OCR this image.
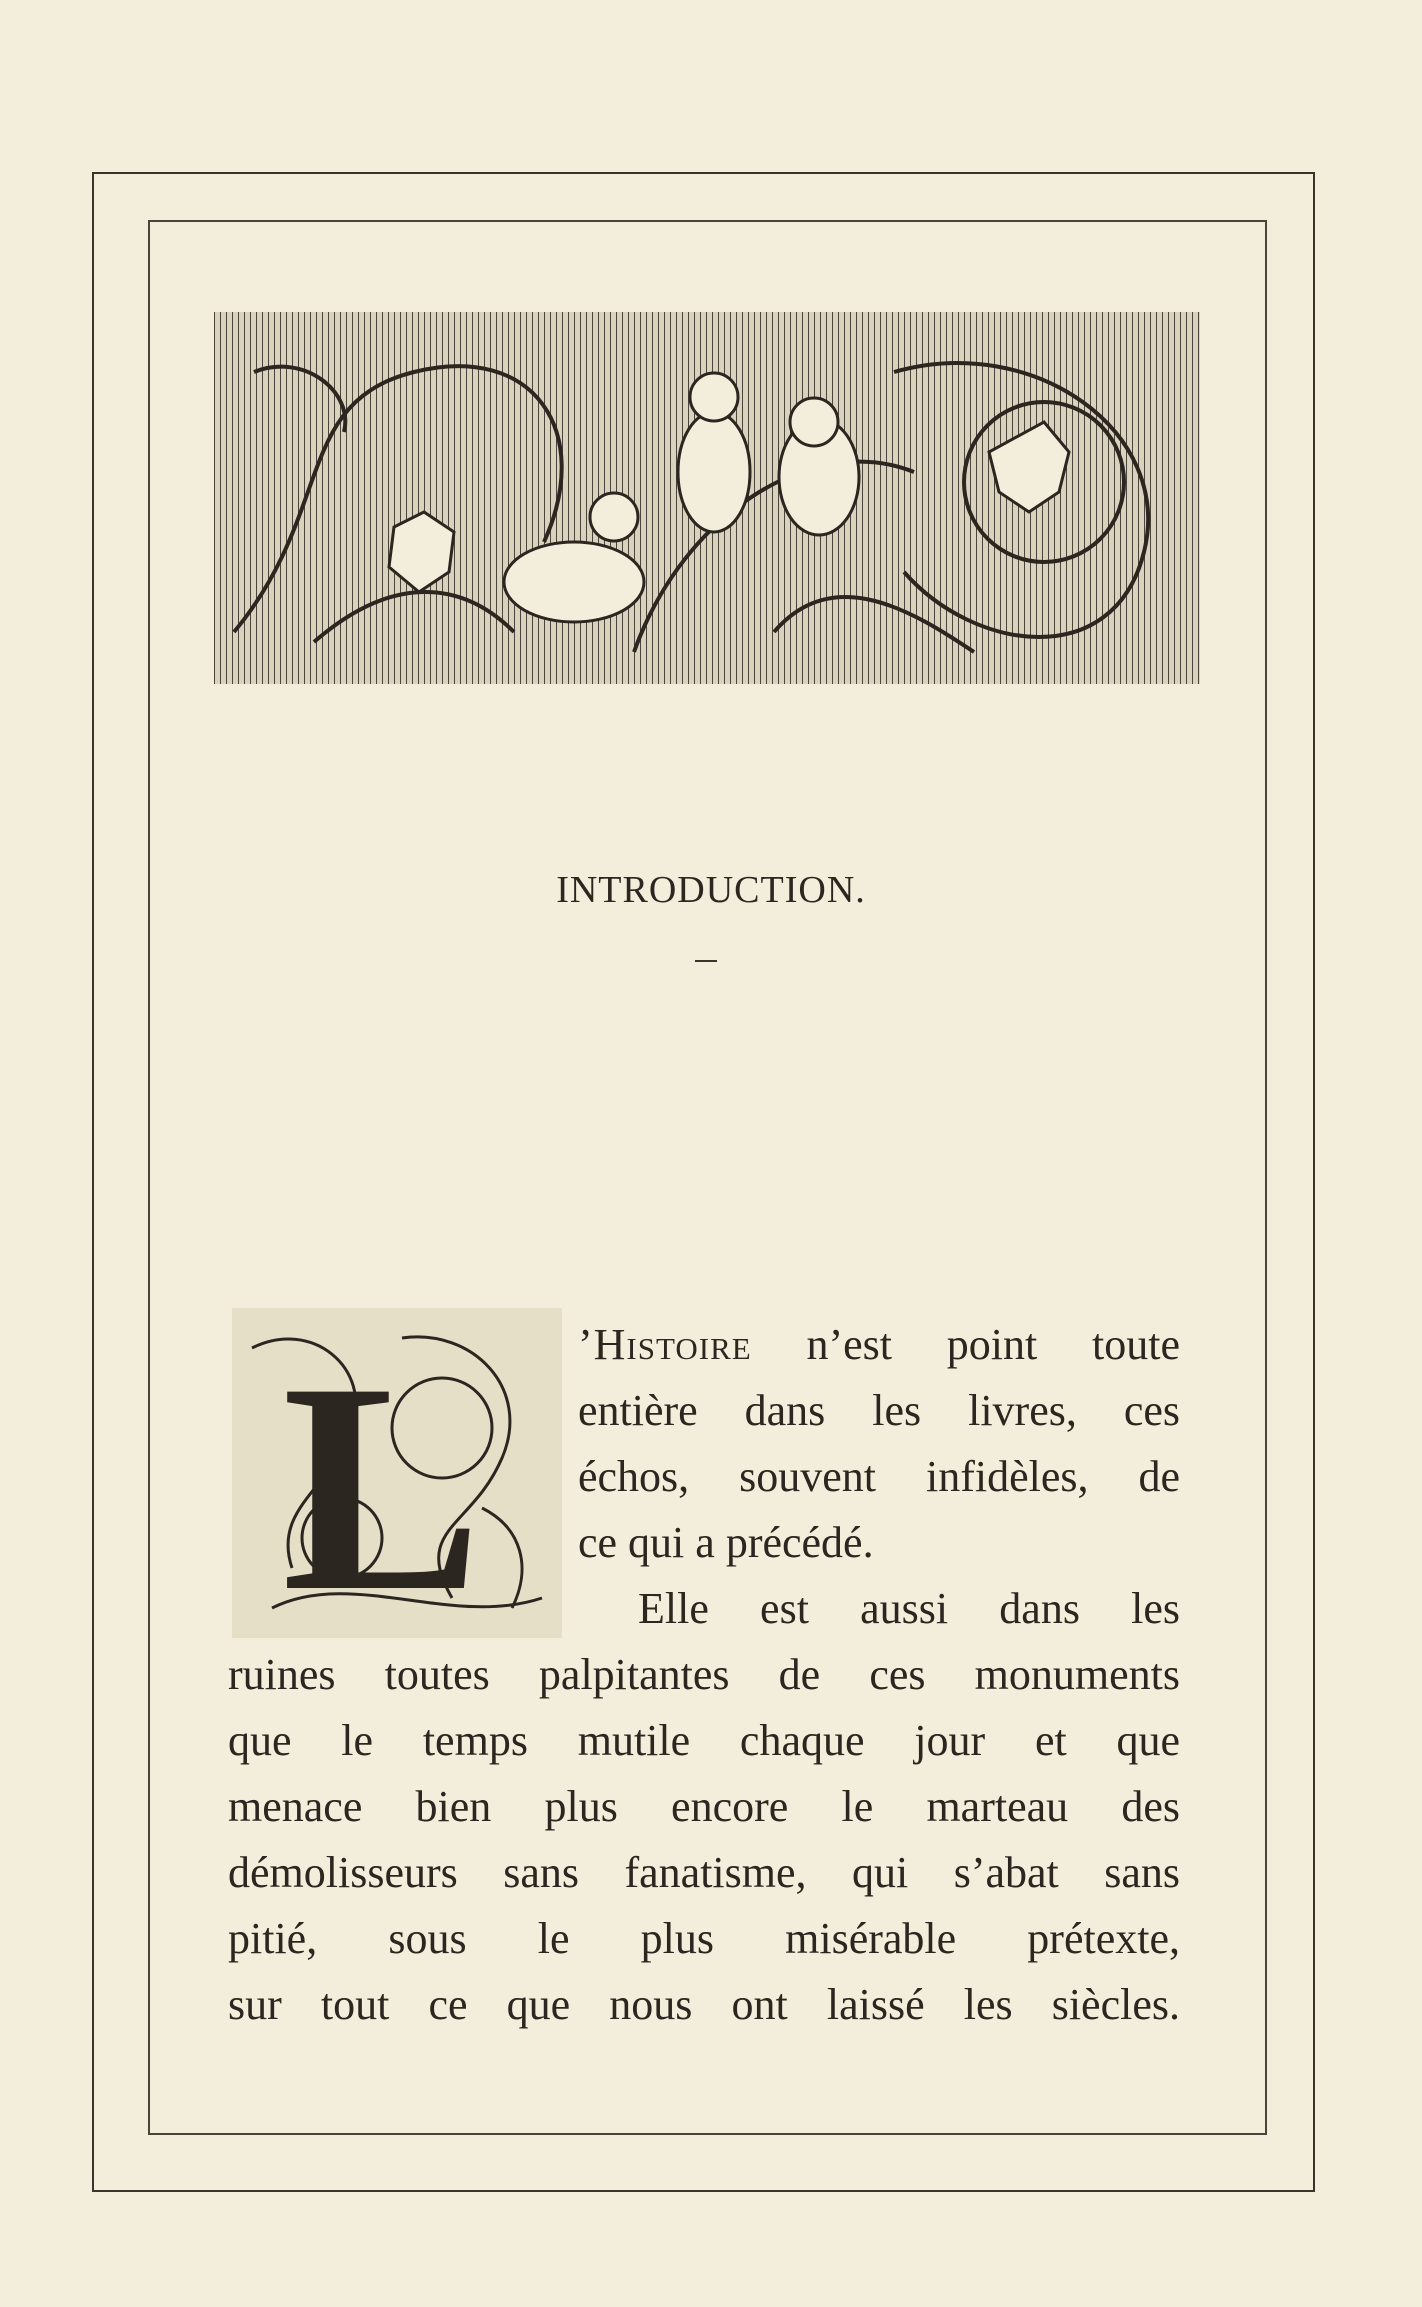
INTRODUCTION.
L	’Histoire n’est point toute
entière dans les livres, ces
échos, souvent infidèles, de
ce qui a précédé.
Elle est aussi dans les
ruines toutes palpitantes de ces monuments
que le temps mutile chaque jour et que
menace bien plus encore le marteau des
démolisseurs sans fanatisme, qui s’abat sans
pitié, sous le plus misérable prétexte,
sur tout ce que nous ont laissé les siècles.
